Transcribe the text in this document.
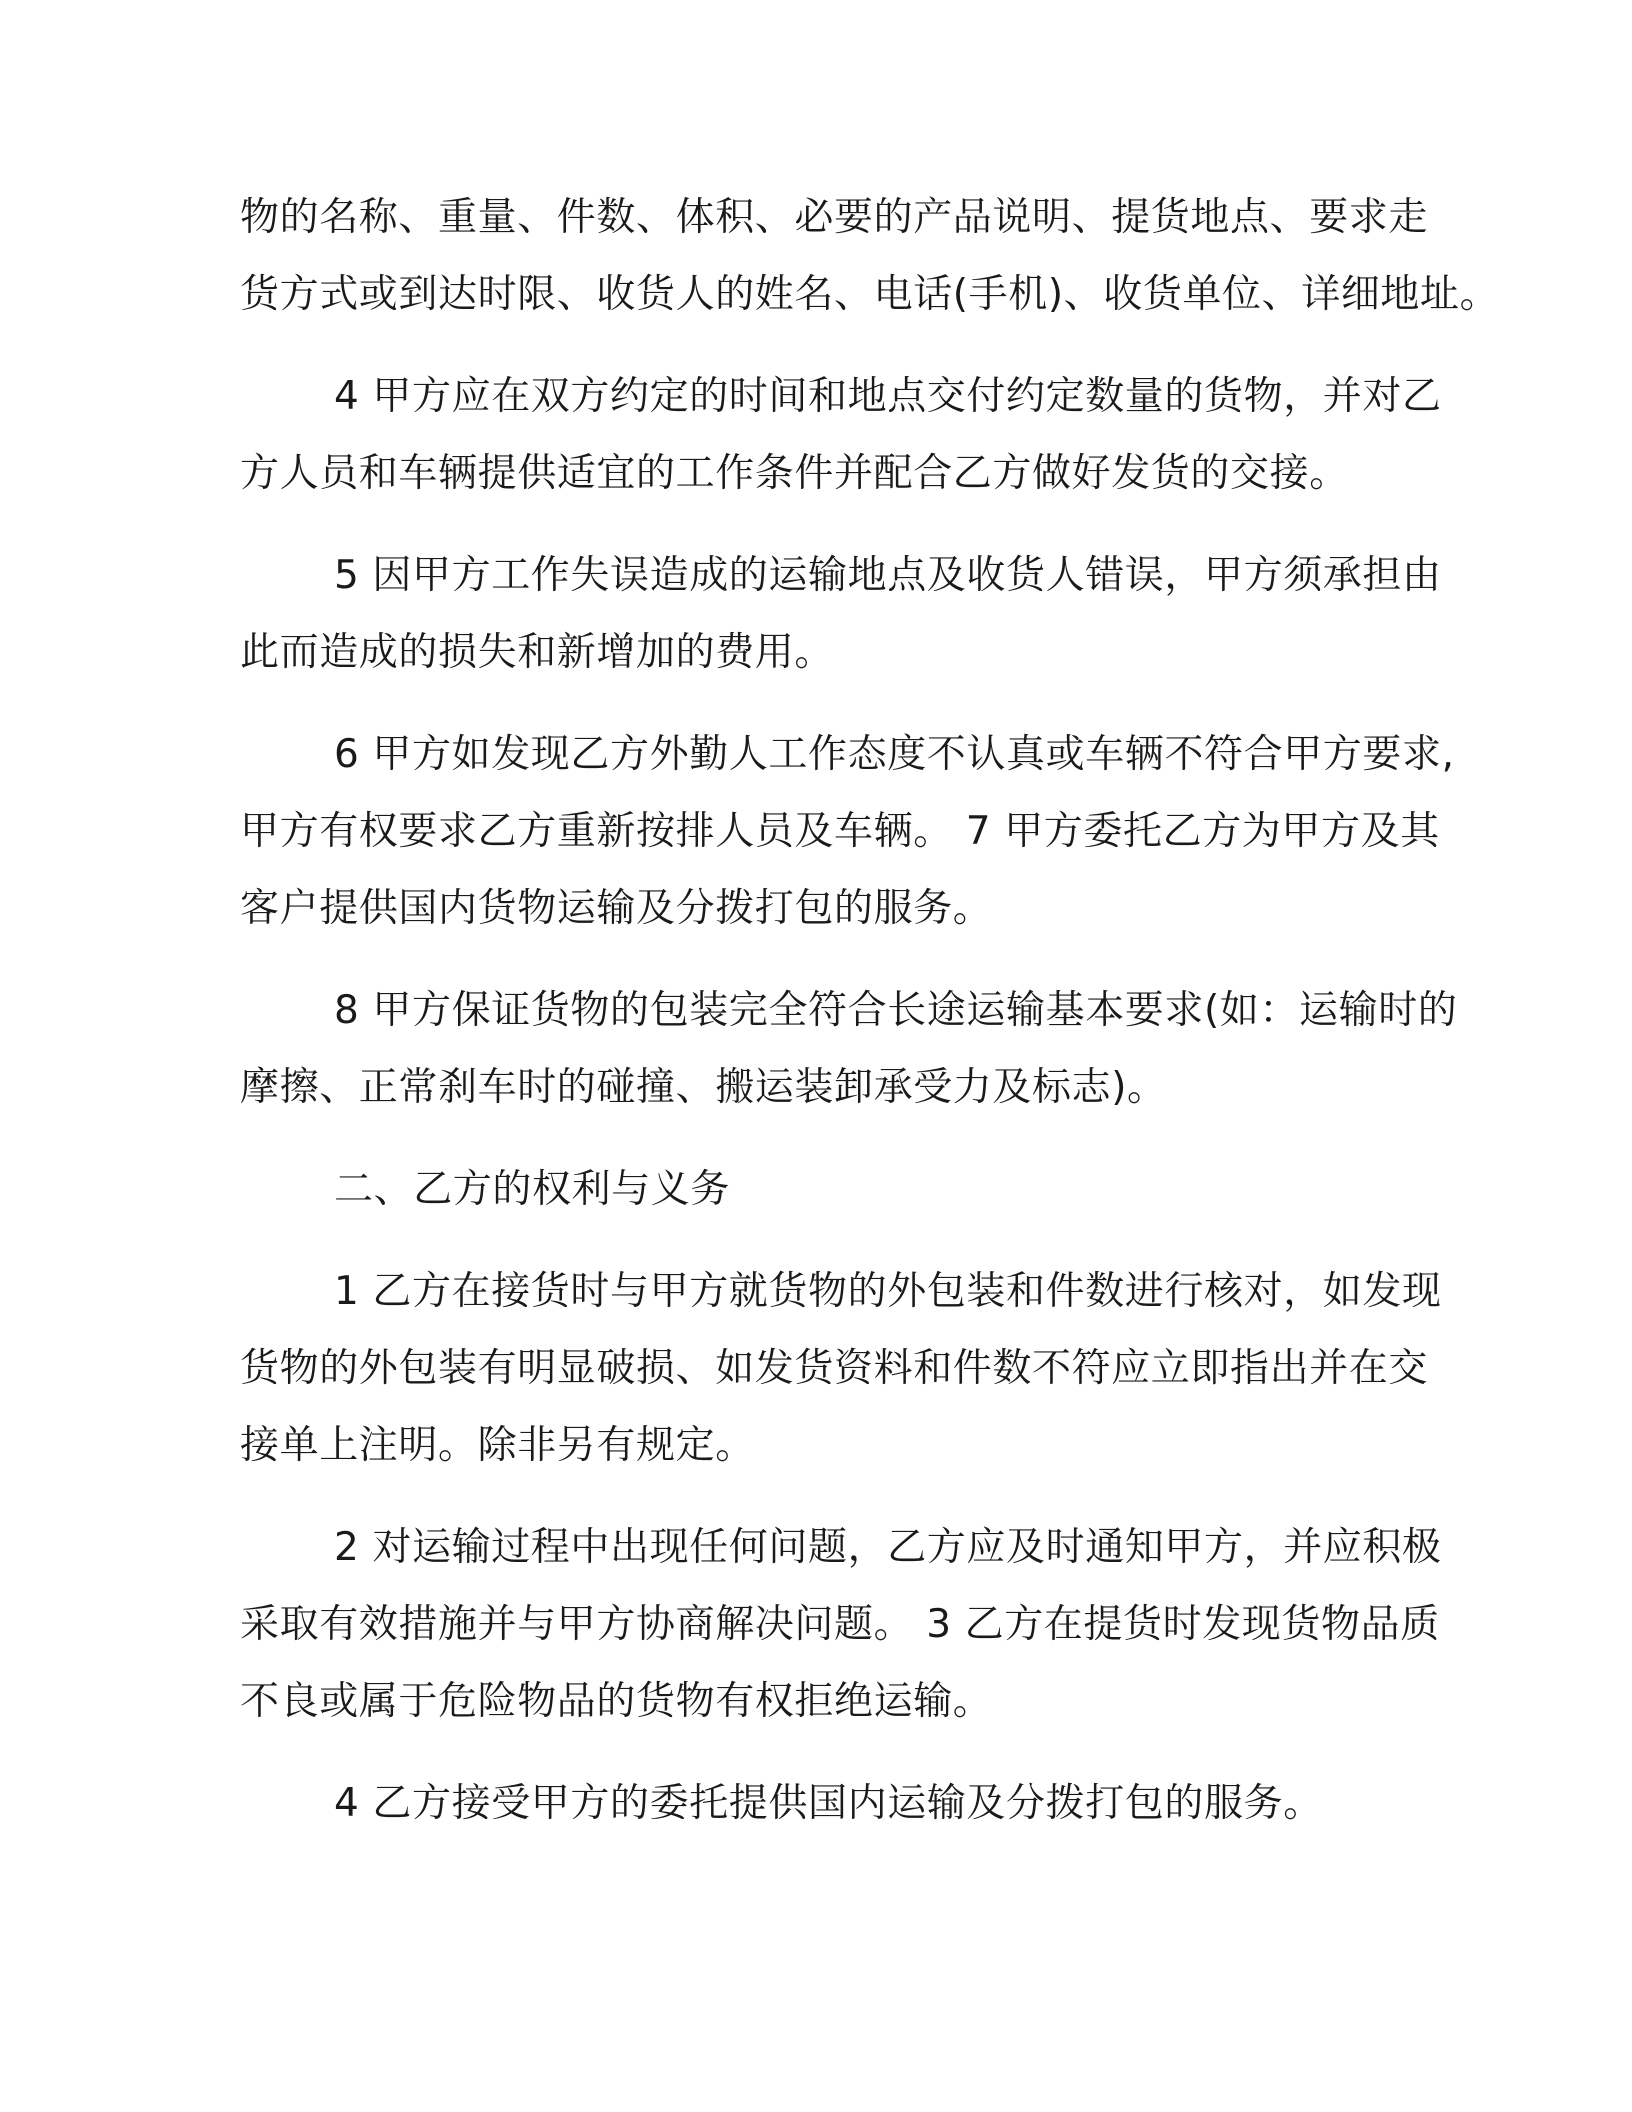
物的名称、重量、件数、体积、必要的产品说明、提货地点、要求走
货方式或到达时限、收货人的姓名、电话(手机)、收货单位、详细地址。
4 甲方应在双方约定的时间和地点交付约定数量的货物，并对乙
方人员和车辆提供适宜的工作条件并配合乙方做好发货的交接。
5 因甲方工作失误造成的运输地点及收货人错误，甲方须承担由
此而造成的损失和新增加的费用。
6 甲方如发现乙方外勤人工作态度不认真或车辆不符合甲方要求,
甲方有权要求乙方重新按排人员及车辆。 7 甲方委托乙方为甲方及其
客户提供国内货物运输及分拨打包的服务。
8 甲方保证货物的包装完全符合长途运输基本要求(如：运输时的
摩擦、正常刹车时的碰撞、搬运装卸承受力及标志)。
二、乙方的权利与义务
1 乙方在接货时与甲方就货物的外包装和件数进行核对，如发现
货物的外包装有明显破损、如发货资料和件数不符应立即指出并在交
接单上注明。除非另有规定。
2 对运输过程中出现任何问题，乙方应及时通知甲方，并应积极
采取有效措施并与甲方协商解决问题。 3 乙方在提货时发现货物品质
不良或属于危险物品的货物有权拒绝运输。
4 乙方接受甲方的委托提供国内运输及分拨打包的服务。
